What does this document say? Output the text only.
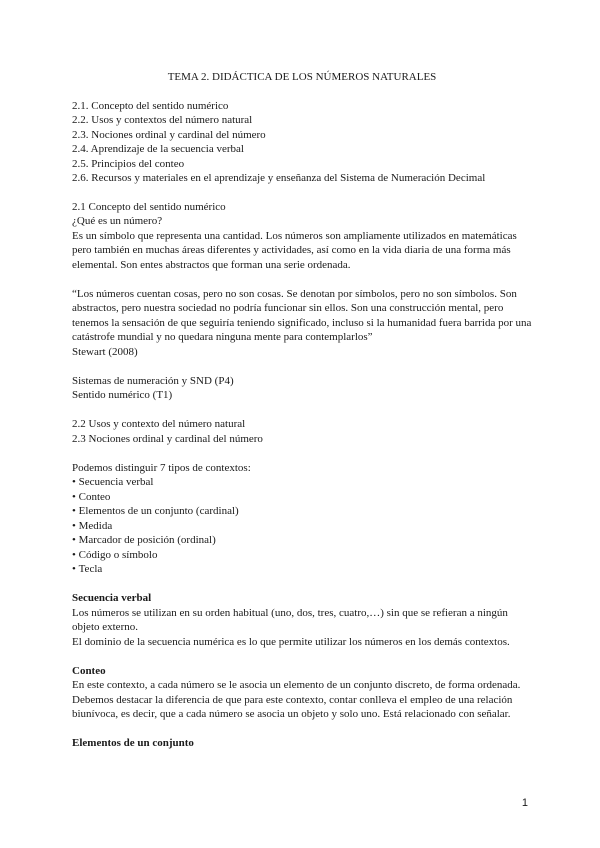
TEMA 2. DIDÁCTICA DE LOS NÚMEROS NATURALES

2.1. Concepto del sentido numérico
2.2. Usos y contextos del número natural
2.3. Nociones ordinal y cardinal del número
2.4. Aprendizaje de la secuencia verbal
2.5. Principios del conteo
2.6. Recursos y materiales en el aprendizaje y enseñanza del Sistema de Numeración Decimal

2.1 Concepto del sentido numérico

¿Qué es un número?

Es un símbolo que representa una cantidad. Los números son ampliamente utilizados en matemáticas pero también en muchas áreas diferentes y actividades, así como en la vida diaria de una forma más elemental. Son entes abstractos que forman una serie ordenada.

“Los números cuentan cosas, pero no son cosas. Se denotan por símbolos, pero no son símbolos. Son abstractos, pero nuestra sociedad no podría funcionar sin ellos. Son una construcción mental, pero tenemos la sensación de que seguiría teniendo significado, incluso si la humanidad fuera barrida por una catástrofe mundial y no quedara ninguna mente para contemplarlos”

Stewart (2008)

Sistemas de numeración y SND (P4)

Sentido numérico (T1)

2.2 Usos y contexto del número natural

2.3 Nociones ordinal y cardinal del número

Podemos distinguir 7 tipos de contextos:

• Secuencia verbal
• Conteo
• Elementos de un conjunto (cardinal)
• Medida
• Marcador de posición (ordinal)
• Código o símbolo
• Tecla

Secuencia verbal

Los números se utilizan en su orden habitual (uno, dos, tres, cuatro,…) sin que se refieran a ningún objeto externo.

El dominio de la secuencia numérica es lo que permite utilizar los números en los demás contextos.

Conteo

En este contexto, a cada número se le asocia un elemento de un conjunto discreto, de forma ordenada. Debemos destacar la diferencia de que para este contexto, contar conlleva el empleo de una relación biunívoca, es decir, que a cada número se asocia un objeto y solo uno. Está relacionado con señalar.

Elementos de un conjunto

1
